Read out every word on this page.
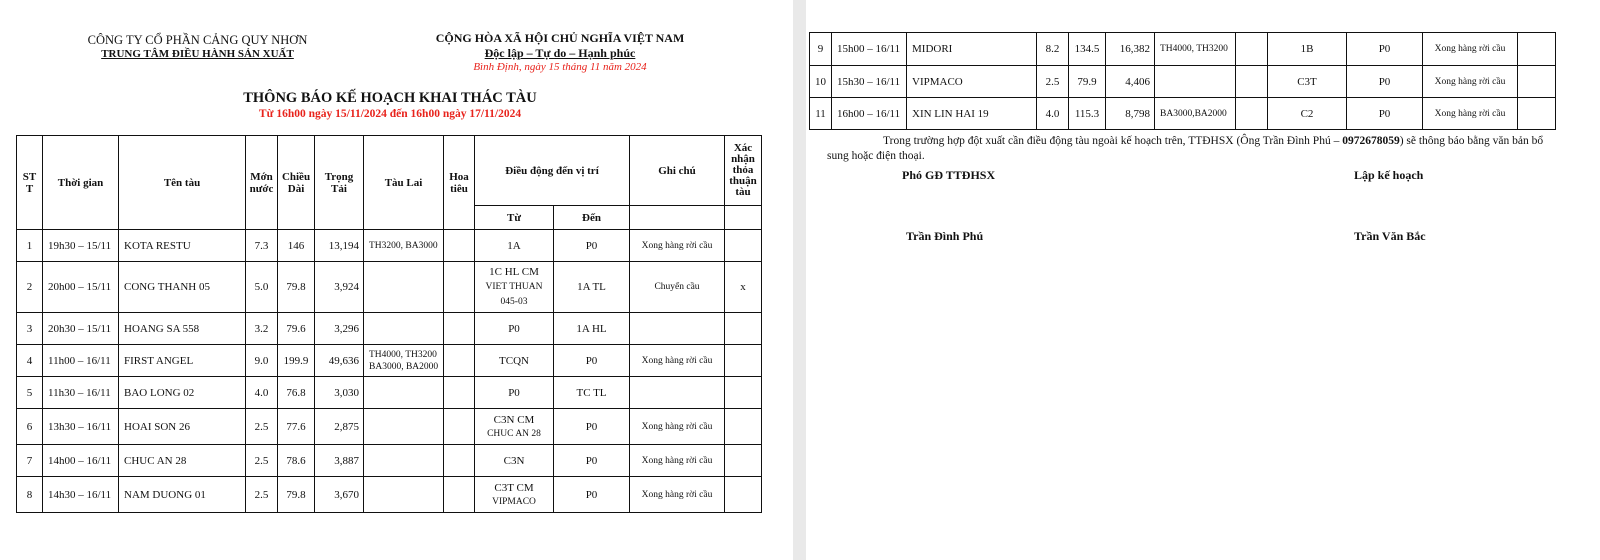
CÔNG TY CỔ PHẦN CẢNG QUY NHƠN
TRUNG TÂM ĐIỀU HÀNH SẢN XUẤT
CỘNG HÒA XÃ HỘI CHỦ NGHĨA VIỆT NAM
Độc lập – Tự do – Hạnh phúc
Bình Định, ngày 15 tháng 11 năm 2024
THÔNG BÁO KẾ HOẠCH KHAI THÁC TÀU
Từ 16h00 ngày 15/11/2024 đến 16h00 ngày 17/11/2024
ST T	Thời gian	Tên tàu	Mớn nước	Chiều Dài	Trọng Tải	Tàu Lai	Hoa tiêu	Điều động đến vị trí		Ghi chú	Xác nhận thỏa thuận tàu
								Từ	Đến		
1	19h30 – 15/11	KOTA RESTU	7.3	146	13,194	TH3200, BA3000		1A	P0	Xong hàng rời cầu	
2	20h00 – 15/11	CONG THANH 05	5.0	79.8	3,924			1C HL CM
VIET THUAN 045-03	1A TL	Chuyển cầu	x
3	20h30 – 15/11	HOANG SA 558	3.2	79.6	3,296			P0	1A HL		
4	11h00 – 16/11	FIRST ANGEL	9.0	199.9	49,636	TH4000, TH3200 BA3000, BA2000		TCQN	P0	Xong hàng rời cầu	
5	11h30 – 16/11	BAO LONG 02	4.0	76.8	3,030			P0	TC TL		
6	13h30 – 16/11	HOAI SON 26	2.5	77.6	2,875			C3N CM
CHUC AN 28	P0	Xong hàng rời cầu	
7	14h00 – 16/11	CHUC AN 28	2.5	78.6	3,887			C3N	P0	Xong hàng rời cầu	
8	14h30 – 16/11	NAM DUONG 01	2.5	79.8	3,670			C3T CM
VIPMACO	P0	Xong hàng rời cầu	
9	15h00 – 16/11	MIDORI	8.2	134.5	16,382	TH4000, TH3200		1B	P0	Xong hàng rời cầu	
10	15h30 – 16/11	VIPMACO	2.5	79.9	4,406			C3T	P0	Xong hàng rời cầu	
11	16h00 – 16/11	XIN LIN HAI 19	4.0	115.3	8,798	BA3000,BA2000		C2	P0	Xong hàng rời cầu	
Trong trường hợp đột xuất cần điều động tàu ngoài kế hoạch trên, TTĐHSX (Ông Trần Đình Phú – 0972678059) sẽ thông báo bằng văn bản bổ sung hoặc điện thoại.
Phó GĐ TTĐHSX	Lập kế hoạch
Trần Đình Phú	Trần Văn Bắc
